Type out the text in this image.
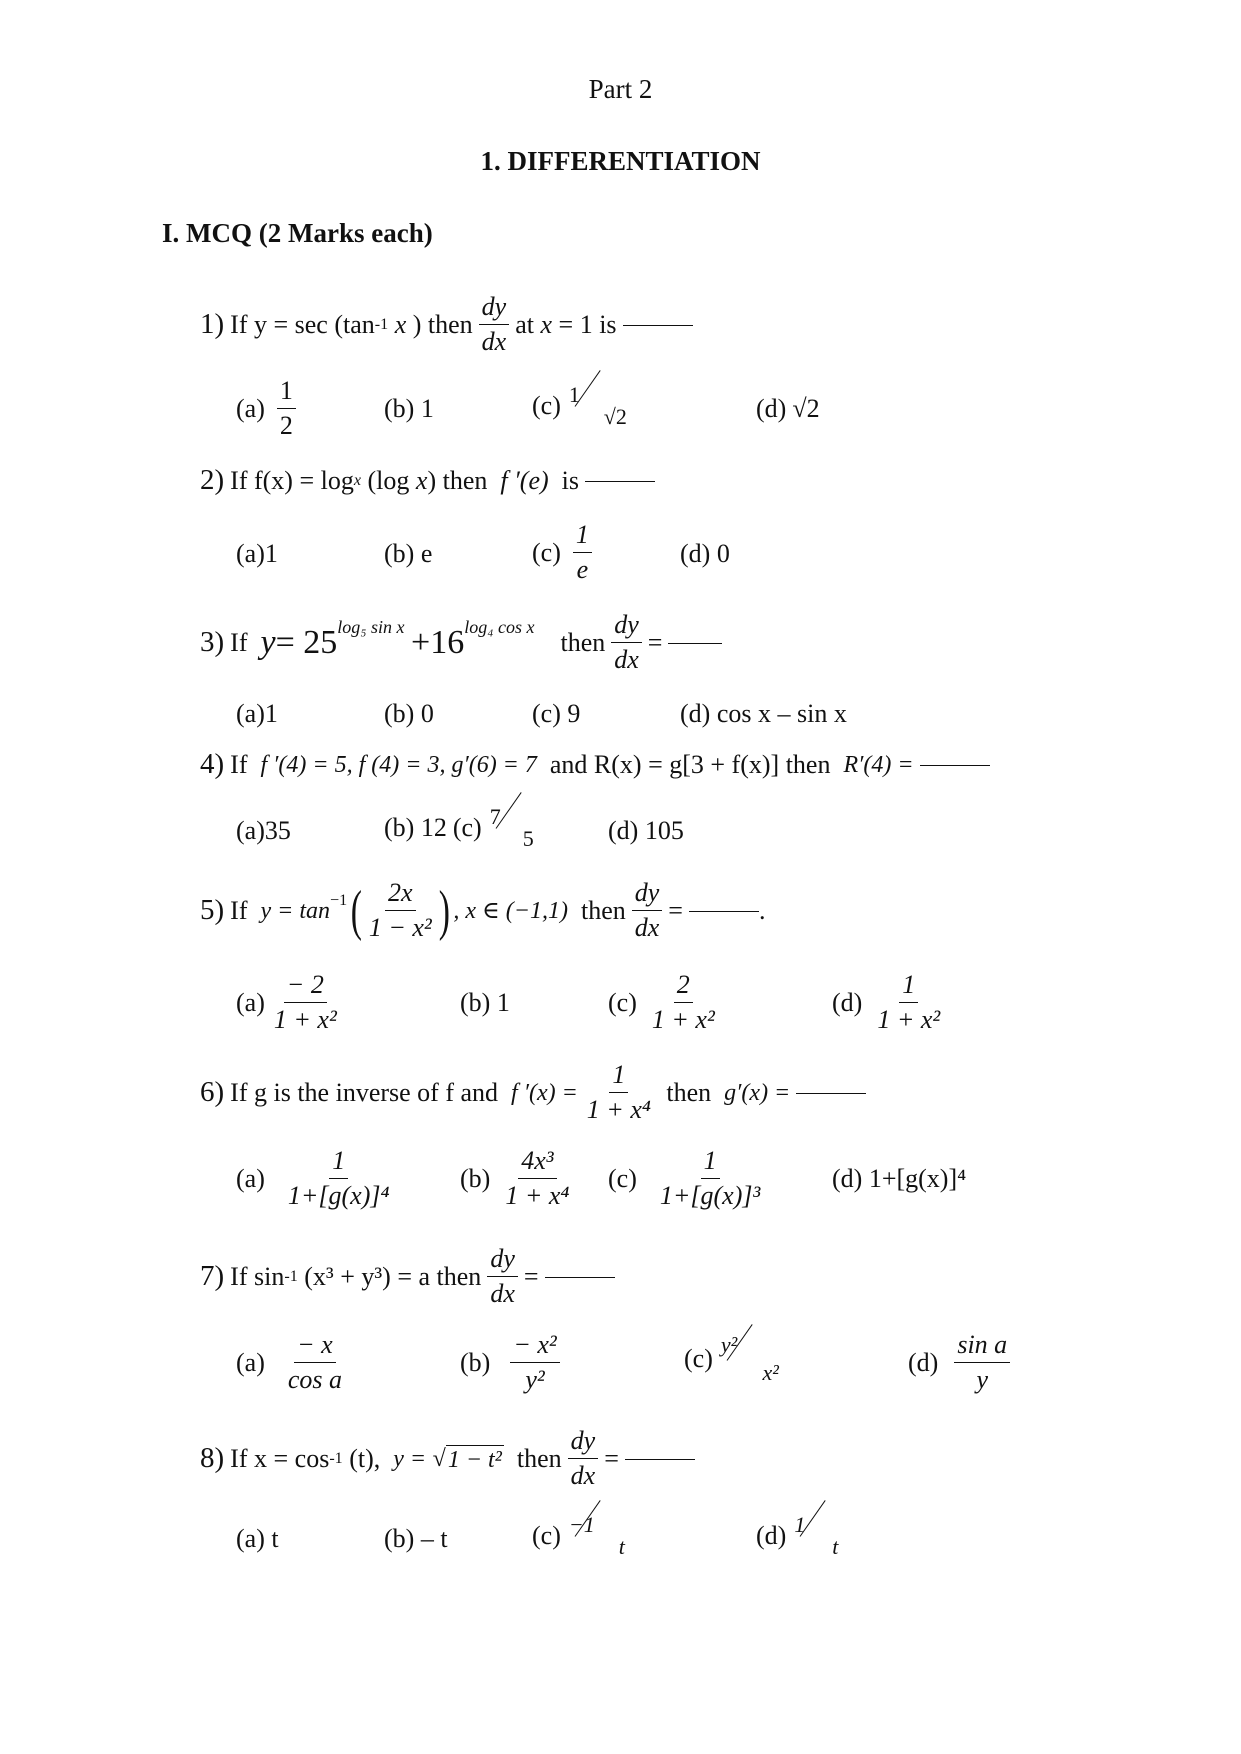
Part 2
1. DIFFERENTIATION
I. MCQ (2 Marks each)
1) If y = sec (tan -1
x
) then $\frac{dy}{dx}$ at
x
= 1 is
$(a) \frac{1}{2}$	(b) 1	(c) 1
√2	(d) √2
2) If f(x) = log x
(log
x ) then
f ′(e)
is
(a)1	(b) e	$(c) \frac{1}{e}$	(d) 0
3) If
$y = 25^{log_5 sin x}$
$+16^{log_4 cos x}$

then $\frac{dy}{dx}$ =
(a)1	(b) 0	(c) 9	(d) cos x – sin x
4) If
f ′(4) = 5, f (4) = 3, g′(6) = 7
and R(x) = g[3 + f(x)] then
R′(4) =
(a)35	(b) 12 (c) 7
5	(d) 105
5) If
$y = \tan^{-1}$ ( $\frac{2x}{\text{1 − x²}}$ ) , x ∈ (−1,1)
then $\frac{dy}{dx}$ =	.
$(a) \frac{- 2}{\text{1 + x²}}$	(b) 1	$(c) \frac{2}{\text{1 + x²}}$	$(d) \frac{1}{\text{1 + x²}}$
6) If g is the inverse of f and
f $'(x) = \frac{1}{\text{1 + x⁴}}$
then
g′(x) =
$(a) \frac{1}{\text{1+[g(x)]⁴}}$	$(b) \frac{\text{4x³}}{\text{1 + x⁴}} (c) \frac{1}{\text{1+[g(x)]³}}$	(d) 1+[g(x)]⁴
7) If sin -1
(x³ + y³) = a then $\frac{dy}{dx}$ =
$(a) \frac{- x}{\text{cos a}}$	$(b) \frac{\text{− x²}}{\text{y²}}$	(c) y²
x²	$(d) \frac{\text{sin a}}{y}$
8) If x = cos -1
(t),
y =
√ 1 − t²
then $\frac{dy}{dx}$ =
(a) t	(b) – t	(c) −1
t	(d) 1
t
